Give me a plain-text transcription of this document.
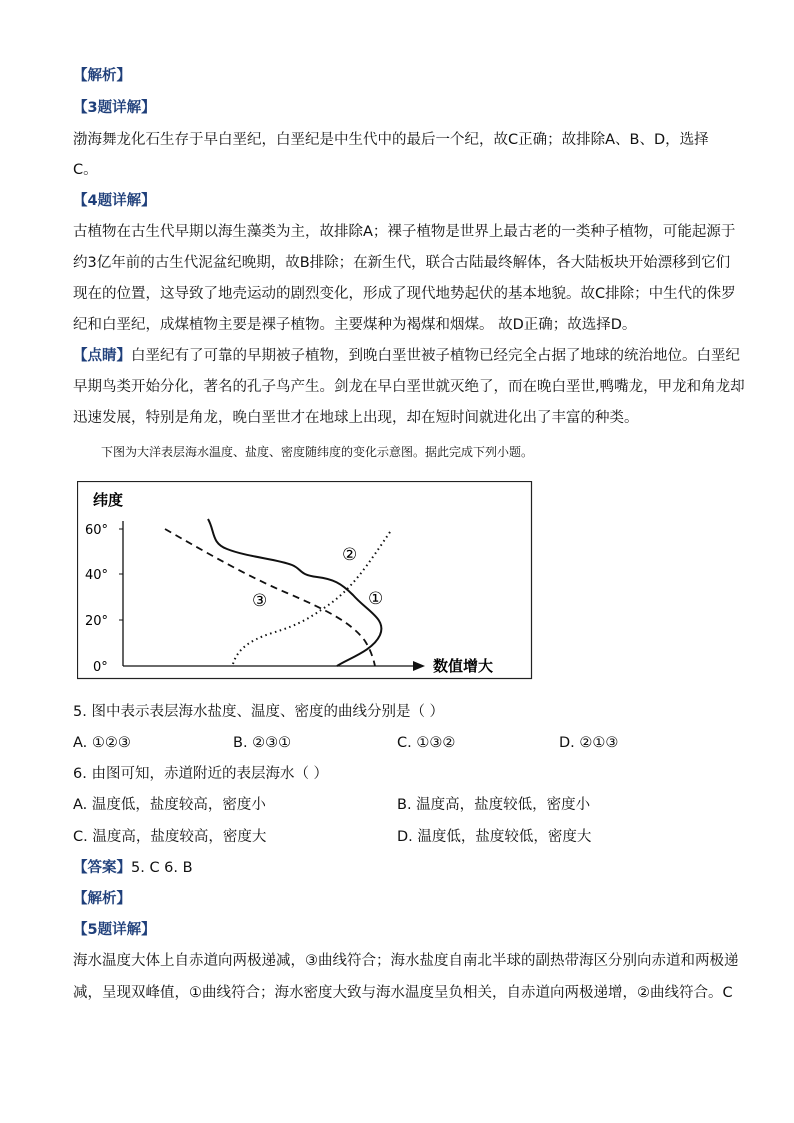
【解析】
【3题详解】
渤海舞龙化石生存于早白垩纪，白垩纪是中生代中的最后一个纪，故C正确；故排除A、B、D，选择
C。
【4题详解】
古植物在古生代早期以海生藻类为主，故排除A；裸子植物是世界上最古老的一类种子植物，可能起源于
约3亿年前的古生代泥盆纪晚期，故B排除；在新生代，联合古陆最终解体，各大陆板块开始漂移到它们
现在的位置，这导致了地壳运动的剧烈变化，形成了现代地势起伏的基本地貌。故C排除；中生代的侏罗
纪和白垩纪，成煤植物主要是裸子植物。主要煤种为褐煤和烟煤。 故D正确；故选择D。
【点睛】白垩纪有了可靠的早期被子植物，到晚白垩世被子植物已经完全占据了地球的统治地位。白垩纪
早期鸟类开始分化，著名的孔子鸟产生。剑龙在早白垩世就灭绝了，而在晚白垩世,鸭嘴龙，甲龙和角龙却
迅速发展，特别是角龙，晚白垩世才在地球上出现，却在短时间就进化出了丰富的种类。
下图为大洋表层海水温度、盐度、密度随纬度的变化示意图。据此完成下列小题。
纬度
数值增大
60°
40°
20°
0°
①
②
③
5. 图中表示表层海水盐度、温度、密度的曲线分别是（ ）
A. ①②③	B. ②③①	C. ①③②	D. ②①③
6. 由图可知，赤道附近的表层海水（ ）
A. 温度低，盐度较高，密度小	B. 温度高，盐度较低，密度小
C. 温度高，盐度较高，密度大	D. 温度低，盐度较低，密度大
【答案】5. C 6. B
【解析】
【5题详解】
海水温度大体上自赤道向两极递减，③曲线符合；海水盐度自南北半球的副热带海区分别向赤道和两极递
减，呈现双峰值，①曲线符合；海水密度大致与海水温度呈负相关，自赤道向两极递增，②曲线符合。C
